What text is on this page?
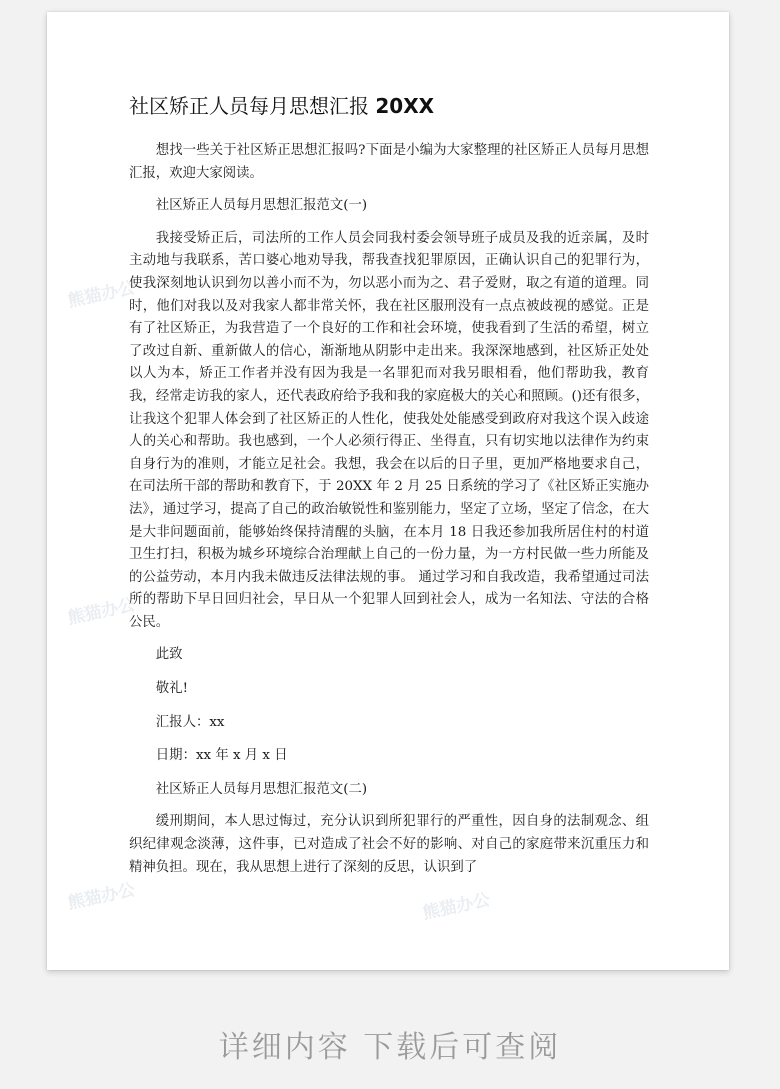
熊猫办公
熊猫办公
熊猫办公	熊猫办公
社区矫正人员每月思想汇报 20XX

想找一些关于社区矫正思想汇报吗?下面是小编为大家整理的社区矫正人员每月思想汇报，欢迎大家阅读。

社区矫正人员每月思想汇报范文(一)

我接受矫正后，司法所的工作人员会同我村委会领导班子成员及我的近亲属，及时主动地与我联系，苦口婆心地劝导我，帮我查找犯罪原因，正确认识自己的犯罪行为，使我深刻地认识到勿以善小而不为，勿以恶小而为之、君子爱财，取之有道的道理。同时，他们对我以及对我家人都非常关怀，我在社区服刑没有一点点被歧视的感觉。正是有了社区矫正，为我营造了一个良好的工作和社会环境，使我看到了生活的希望，树立了改过自新、重新做人的信心，渐渐地从阴影中走出来。我深深地感到，社区矫正处处以人为本，矫正工作者并没有因为我是一名罪犯而对我另眼相看，他们帮助我，教育我，经常走访我的家人，还代表政府给予我和我的家庭极大的关心和照顾。()还有很多，让我这个犯罪人体会到了社区矫正的人性化，使我处处能感受到政府对我这个误入歧途人的关心和帮助。我也感到，一个人必须行得正、坐得直，只有切实地以法律作为约束自身行为的准则，才能立足社会。我想，我会在以后的日子里，更加严格地要求自己，在司法所干部的帮助和教育下，于 20XX 年 2 月 25 日系统的学习了《社区矫正实施办法》，通过学习，提高了自己的政治敏锐性和鉴别能力，坚定了立场，坚定了信念，在大是大非问题面前，能够始终保持清醒的头脑，在本月 18 日我还参加我所居住村的村道卫生打扫，积极为城乡环境综合治理献上自己的一份力量，为一方村民做一些力所能及的公益劳动，本月内我未做违反法律法规的事。 通过学习和自我改造，我希望通过司法所的帮助下早日回归社会，早日从一个犯罪人回到社会人，成为一名知法、守法的合格公民。

此致

敬礼!

汇报人：xx

日期：xx 年 x 月 x 日

社区矫正人员每月思想汇报范文(二)

缓刑期间，本人思过悔过，充分认识到所犯罪行的严重性，因自身的法制观念、组织纪律观念淡薄，这件事，已对造成了社会不好的影响、对自己的家庭带来沉重压力和精神负担。现在，我从思想上进行了深刻的反思，认识到了

详细内容 下载后可查阅
